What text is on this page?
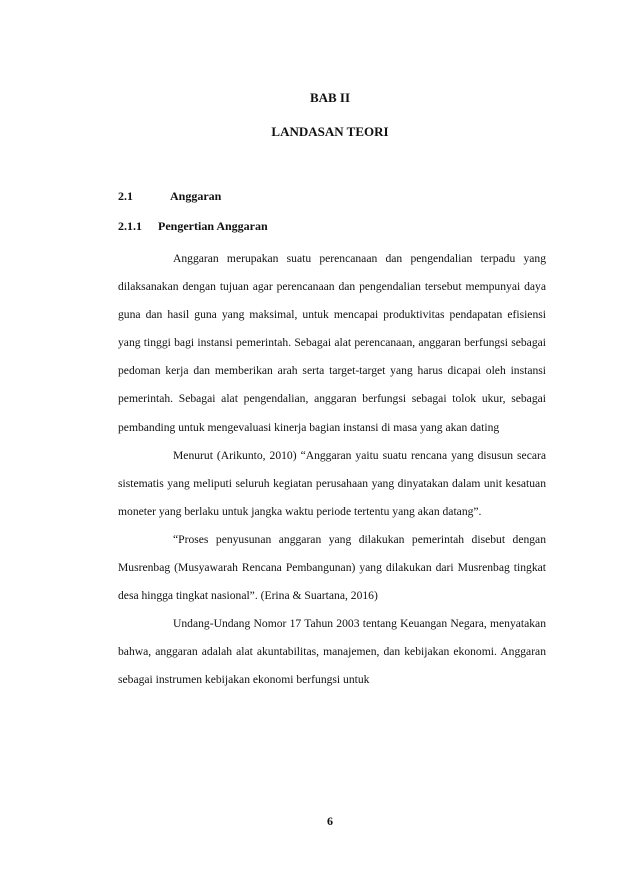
BAB II
LANDASAN TEORI
2.1	Anggaran
2.1.1 Pengertian Anggaran

Anggaran merupakan suatu perencanaan dan pengendalian terpadu yang dilaksanakan dengan tujuan agar perencanaan dan pengendalian tersebut mempunyai daya guna dan hasil guna yang maksimal, untuk mencapai produktivitas pendapatan efisiensi yang tinggi bagi instansi pemerintah. Sebagai alat perencanaan, anggaran berfungsi sebagai pedoman kerja dan memberikan arah serta target-target yang harus dicapai oleh instansi pemerintah. Sebagai alat pengendalian, anggaran berfungsi sebagai tolok ukur, sebagai pembanding untuk mengevaluasi kinerja bagian instansi di masa yang akan dating

Menurut (Arikunto, 2010) “Anggaran yaitu suatu rencana yang disusun secara sistematis yang meliputi seluruh kegiatan perusahaan yang dinyatakan dalam unit kesatuan moneter yang berlaku untuk jangka waktu periode tertentu yang akan datang”.

“Proses penyusunan anggaran yang dilakukan pemerintah disebut dengan Musrenbag (Musyawarah Rencana Pembangunan) yang dilakukan dari Musrenbag tingkat desa hingga tingkat nasional”. (Erina & Suartana, 2016)

Undang-Undang Nomor 17 Tahun 2003 tentang Keuangan Negara, menyatakan bahwa, anggaran adalah alat akuntabilitas, manajemen, dan kebijakan ekonomi. Anggaran sebagai instrumen kebijakan ekonomi berfungsi untuk

6
